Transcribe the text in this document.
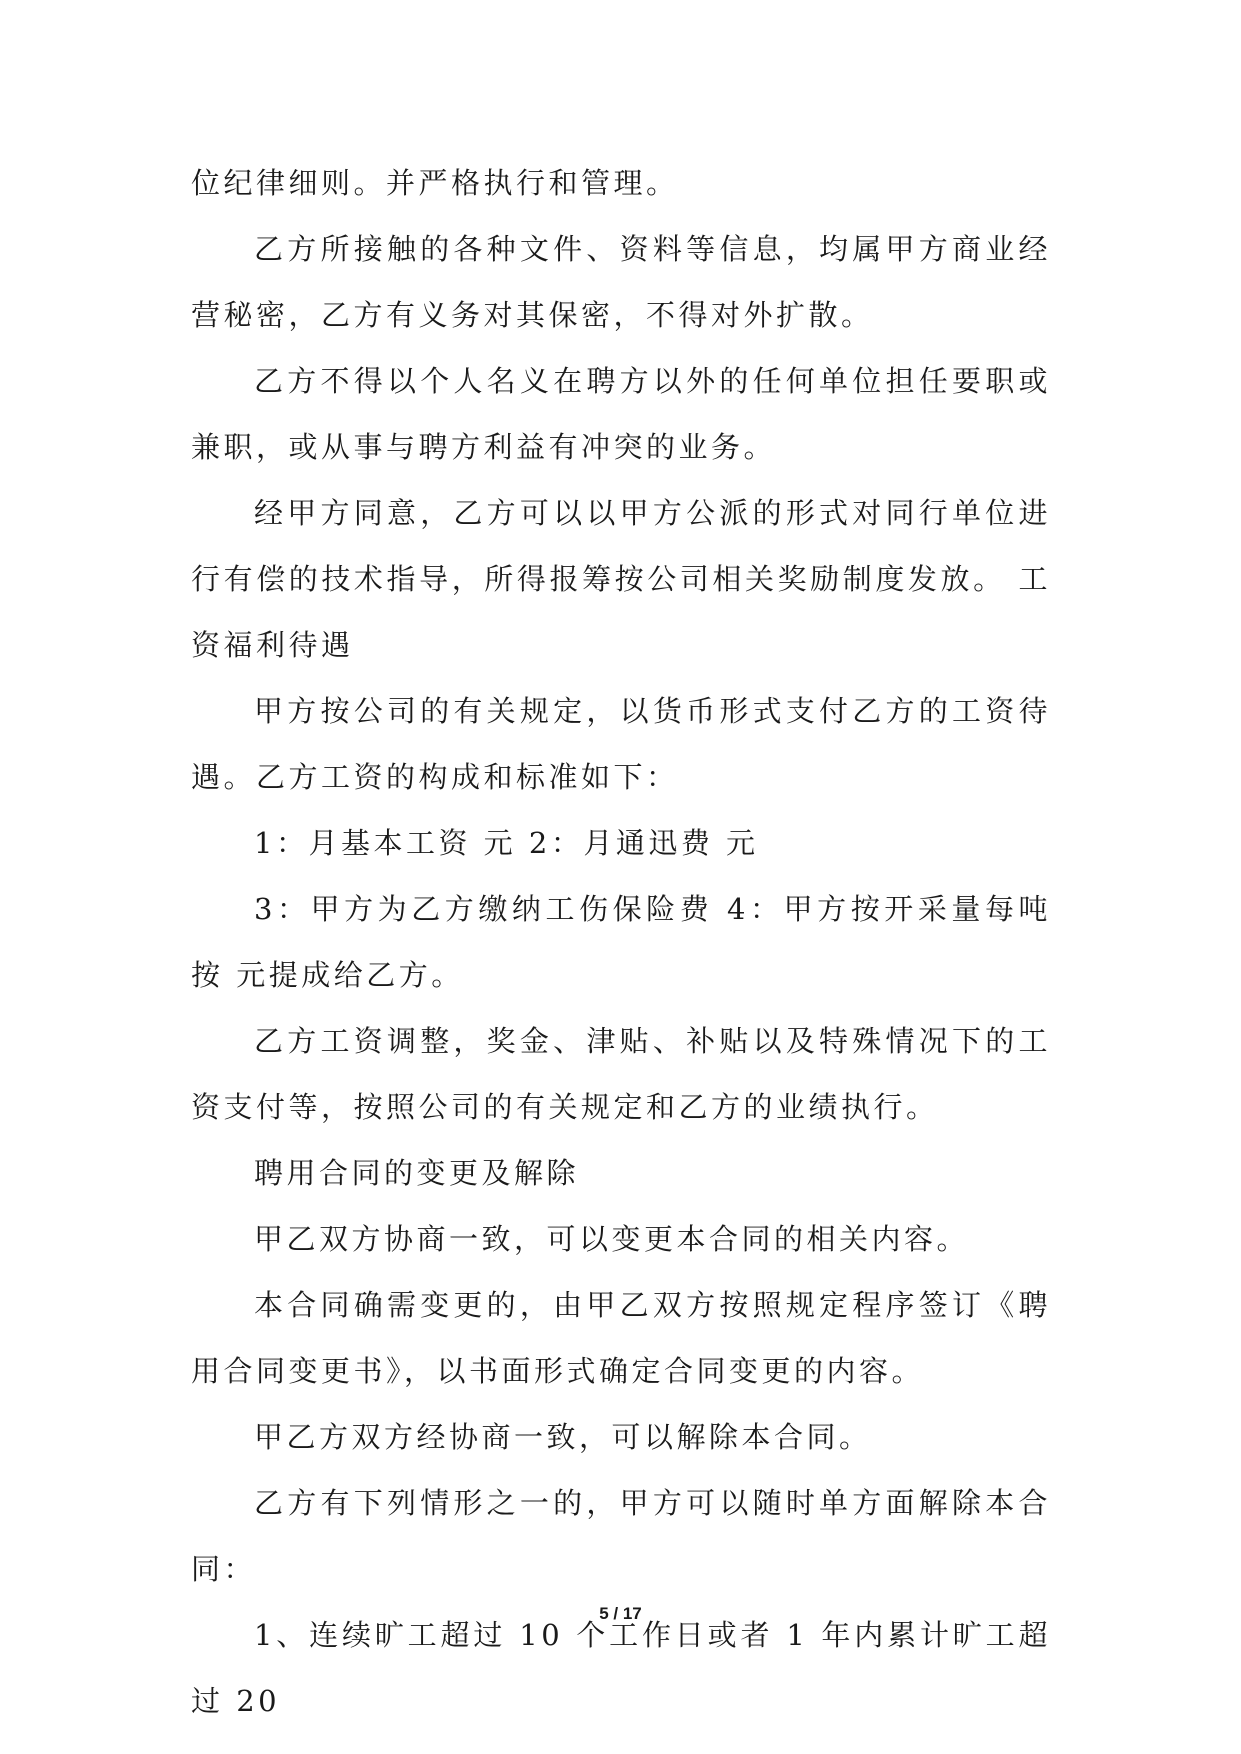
位纪律细则。并严格执行和管理。

乙方所接触的各种文件、资料等信息，均属甲方商业经营秘密，乙方有义务对其保密，不得对外扩散。

乙方不得以个人名义在聘方以外的任何单位担任要职或兼职，或从事与聘方利益有冲突的业务。

经甲方同意，乙方可以以甲方公派的形式对同行单位进行有偿的技术指导，所得报筹按公司相关奖励制度发放。 工资福利待遇

甲方按公司的有关规定，以货币形式支付乙方的工资待遇。乙方工资的构成和标准如下：

1：月基本工资 元 2：月通迅费 元

3：甲方为乙方缴纳工伤保险费 4：甲方按开采量每吨按 元提成给乙方。

乙方工资调整，奖金、津贴、补贴以及特殊情况下的工资支付等，按照公司的有关规定和乙方的业绩执行。

聘用合同的变更及解除

甲乙双方协商一致，可以变更本合同的相关内容。

本合同确需变更的，由甲乙双方按照规定程序签订《聘用合同变更书》，以书面形式确定合同变更的内容。

甲乙方双方经协商一致，可以解除本合同。

乙方有下列情形之一的，甲方可以随时单方面解除本合同：

1、连续旷工超过 10 个工作日或者 1 年内累计旷工超过 20

5 / 17
